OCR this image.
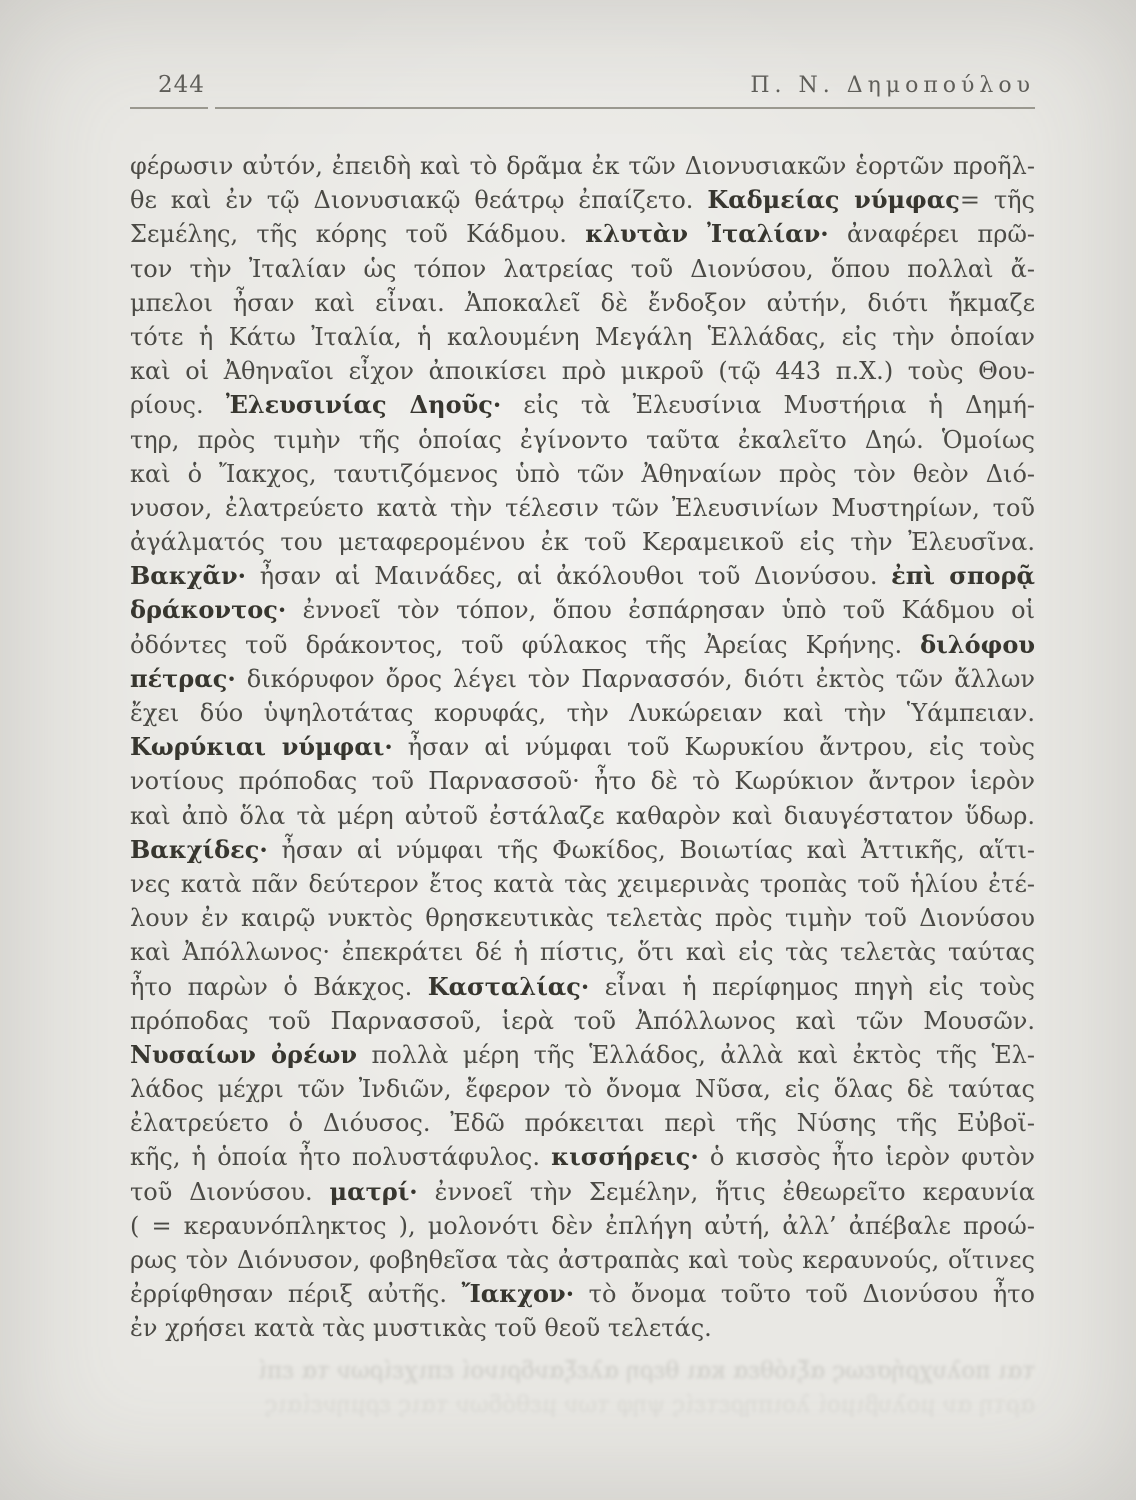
244	Π. Ν. Δημοπούλου
φέρωσιν αὐτόν, ἐπειδὴ καὶ τὸ δρᾶμα ἐκ τῶν Διονυσιακῶν ἑορτῶν προῆλ-
θε καὶ ἐν τῷ Διονυσιακῷ θεάτρῳ ἐπαίζετο. Καδμείας νύμφας= τῆς
Σεμέλης, τῆς κόρης τοῦ Κάδμου. κλυτὰν Ἰταλίαν· ἀναφέρει πρῶ-
τον τὴν Ἰταλίαν ὡς τόπον λατρείας τοῦ Διονύσου, ὅπου πολλαὶ ἄ-
μπελοι ἦσαν καὶ εἶναι. Ἀποκαλεῖ δὲ ἔνδοξον αὐτήν, διότι ἤκμαζε
τότε ἡ Κάτω Ἰταλία, ἡ καλουμένη Μεγάλη Ἑλλάδας, εἰς τὴν ὁποίαν
καὶ οἱ Ἀθηναῖοι εἶχον ἀποικίσει πρὸ μικροῦ (τῷ 443 π.Χ.) τοὺς Θου-
ρίους. Ἐλευσινίας Δηοῦς· εἰς τὰ Ἐλευσίνια Μυστήρια ἡ Δημή-
τηρ, πρὸς τιμὴν τῆς ὁποίας ἐγίνοντο ταῦτα ἐκαλεῖτο Δηώ. Ὁμοίως
καὶ ὁ Ἴακχος, ταυτιζόμενος ὑπὸ τῶν Ἀθηναίων πρὸς τὸν θεὸν Διό-
νυσον, ἐλατρεύετο κατὰ τὴν τέλεσιν τῶν Ἐλευσινίων Μυστηρίων, τοῦ
ἀγάλματός του μεταφερομένου ἐκ τοῦ Κεραμεικοῦ εἰς τὴν Ἐλευσῖνα.
Βακχᾶν· ἦσαν αἱ Μαινάδες, αἱ ἀκόλουθοι τοῦ Διονύσου. ἐπὶ σπορᾷ
δράκοντος· ἐννοεῖ τὸν τόπον, ὅπου ἐσπάρησαν ὑπὸ τοῦ Κάδμου οἱ
ὀδόντες τοῦ δράκοντος, τοῦ φύλακος τῆς Ἀρείας Κρήνης. διλόφου
πέτρας· δικόρυφον ὄρος λέγει τὸν Παρνασσόν, διότι ἐκτὸς τῶν ἄλλων
ἔχει δύο ὑψηλοτάτας κορυφάς, τὴν Λυκώρειαν καὶ τὴν Ὑάμπειαν.
Κωρύκιαι νύμφαι· ἦσαν αἱ νύμφαι τοῦ Κωρυκίου ἄντρου, εἰς τοὺς
νοτίους πρόποδας τοῦ Παρνασσοῦ· ἦτο δὲ τὸ Κωρύκιον ἄντρον ἱερὸν
καὶ ἀπὸ ὅλα τὰ μέρη αὐτοῦ ἐστάλαζε καθαρὸν καὶ διαυγέστατον ὕδωρ.
Βακχίδες· ἦσαν αἱ νύμφαι τῆς Φωκίδος, Βοιωτίας καὶ Ἀττικῆς, αἵτι-
νες κατὰ πᾶν δεύτερον ἔτος κατὰ τὰς χειμερινὰς τροπὰς τοῦ ἡλίου ἐτέ-
λουν ἐν καιρῷ νυκτὸς θρησκευτικὰς τελετὰς πρὸς τιμὴν τοῦ Διονύσου
καὶ Ἀπόλλωνος· ἐπεκράτει δέ ἡ πίστις, ὅτι καὶ εἰς τὰς τελετὰς ταύτας
ἦτο παρὼν ὁ Βάκχος. Κασταλίας· εἶναι ἡ περίφημος πηγὴ εἰς τοὺς
πρόποδας τοῦ Παρνασσοῦ, ἱερὰ τοῦ Ἀπόλλωνος καὶ τῶν Μουσῶν.
Νυσαίων ὀρέων πολλὰ μέρη τῆς Ἑλλάδος, ἀλλὰ καὶ ἐκτὸς τῆς Ἑλ-
λάδος μέχρι τῶν Ἰνδιῶν, ἔφερον τὸ ὄνομα Νῦσα, εἰς ὅλας δὲ ταύτας
ἐλατρεύετο ὁ Διόυσος. Ἐδῶ πρόκειται περὶ τῆς Νύσης τῆς Εὐβοϊ-
κῆς, ἡ ὁποία ἦτο πολυστάφυλος. κισσήρεις· ὁ κισσὸς ἦτο ἱερὸν φυτὸν
τοῦ Διονύσου. ματρί· ἐννοεῖ τὴν Σεμέλην, ἥτις ἐθεωρεῖτο κεραυνία
( = κεραυνόπληκτος ), μολονότι δὲν ἐπλήγη αὐτή, ἀλλ’ ἀπέβαλε προώ-
ρως τὸν Διόνυσον, φοβηθεῖσα τὰς ἀστραπὰς καὶ τοὺς κεραυνούς, οἵτινες
ἐρρίφθησαν πέριξ αὐτῆς. Ἴακχον· τὸ ὄνομα τοῦτο τοῦ Διονύσου ἦτο
ἐν χρήσει κατὰ τὰς μυστικὰς τοῦ θεοῦ τελετάς.
ται πολυχρήσεως αξιόθεα και θερη αλεξανδρινοί επιχείρων τα επί
αρτη αν μολυβιμοί λοιπηρετείς ψηφ των μεθόδων ταις ερμηνείαις
